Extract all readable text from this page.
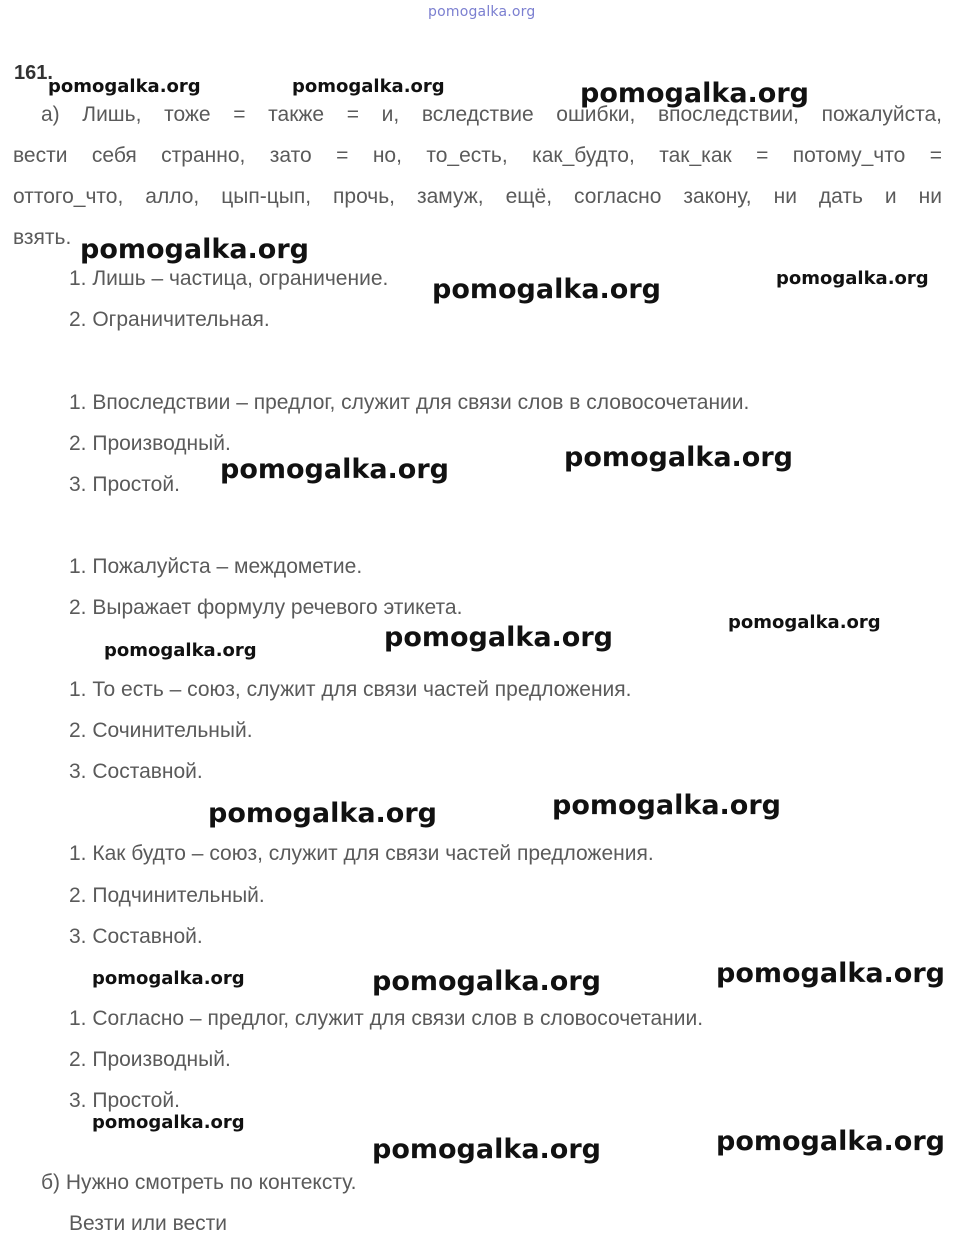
pomogalka.org
161.
а) Лишь, тоже = также = и, вследствие ошибки, впоследствии, пожалуйста,
вести себя странно, зато = но, то_есть, как_будто, так_как = потому_что =
оттого_что, алло, цып-цып, прочь, замуж, ещё, согласно закону, ни дать и ни
взять.
1. Лишь – частица, ограничение.
2. Ограничительная.
1. Впоследствии – предлог, служит для связи слов в словосочетании.
2. Производный.
3. Простой.
1. Пожалуйста – междометие.
2. Выражает формулу речевого этикета.
1. То есть – союз, служит для связи частей предложения.
2. Сочинительный.
3. Составной.
1. Как будто – союз, служит для связи частей предложения.
2. Подчинительный.
3. Составной.
1. Согласно – предлог, служит для связи слов в словосочетании.
2. Производный.
3. Простой.
б) Нужно смотреть по контексту.
Везти или вести
pomogalka.org	pomogalka.org	pomogalka.org
pomogalka.org
pomogalka.org
pomogalka.org
pomogalka.org
pomogalka.org
pomogalka.org
pomogalka.org
pomogalka.org
pomogalka.org
pomogalka.org
pomogalka.org
pomogalka.org	pomogalka.org
pomogalka.org
pomogalka.org
pomogalka.org
